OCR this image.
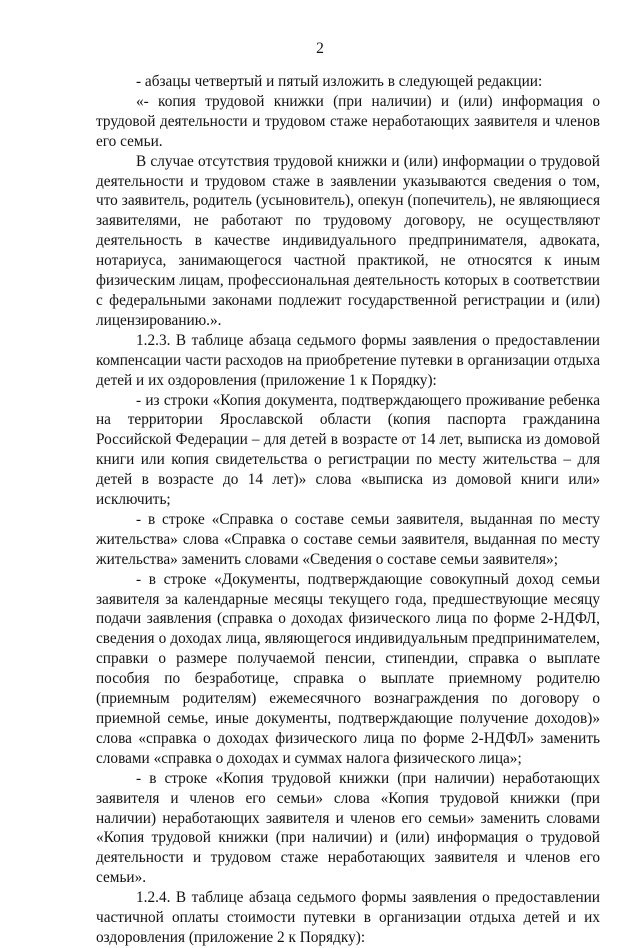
2

- абзацы четвертый и пятый изложить в следующей редакции:

«- копия трудовой книжки (при наличии) и (или) информация о трудовой деятельности и трудовом стаже неработающих заявителя и членов его семьи.

В случае отсутствия трудовой книжки и (или) информации о трудовой деятельности и трудовом стаже в заявлении указываются сведения о том, что заявитель, родитель (усыновитель), опекун (попечитель), не являющиеся заявителями, не работают по трудовому договору, не осуществляют деятельность в качестве индивидуального предпринимателя, адвоката, нотариуса, занимающегося частной практикой, не относятся к иным физическим лицам, профессиональная деятельность которых в соответствии с федеральными законами подлежит государственной регистрации и (или) лицензированию.».

1.2.3. В таблице абзаца седьмого формы заявления о предоставлении компенсации части расходов на приобретение путевки в организации отдыха детей и их оздоровления (приложение 1 к Порядку):

- из строки «Копия документа, подтверждающего проживание ребенка на территории Ярославской области (копия паспорта гражданина Российской Федерации – для детей в возрасте от 14 лет, выписка из домовой книги или копия свидетельства о регистрации по месту жительства – для детей в возрасте до 14 лет)» слова «выписка из домовой книги или» исключить;

- в строке «Справка о составе семьи заявителя, выданная по месту жительства» слова «Справка о составе семьи заявителя, выданная по месту жительства» заменить словами «Сведения о составе семьи заявителя»;

- в строке «Документы, подтверждающие совокупный доход семьи заявителя за календарные месяцы текущего года, предшествующие месяцу подачи заявления (справка о доходах физического лица по форме 2-НДФЛ, сведения о доходах лица, являющегося индивидуальным предпринимателем, справки о размере получаемой пенсии, стипендии, справка о выплате пособия по безработице, справка о выплате приемному родителю (приемным родителям) ежемесячного вознаграждения по договору о приемной семье, иные документы, подтверждающие получение доходов)» слова «справка о доходах физического лица по форме 2-НДФЛ» заменить словами «справка о доходах и суммах налога физического лица»;

- в строке «Копия трудовой книжки (при наличии) неработающих заявителя и членов его семьи» слова «Копия трудовой книжки (при наличии) неработающих заявителя и членов его семьи» заменить словами «Копия трудовой книжки (при наличии) и (или) информация о трудовой деятельности и трудовом стаже неработающих заявителя и членов его семьи».

1.2.4. В таблице абзаца седьмого формы заявления о предоставлении частичной оплаты стоимости путевки в организации отдыха детей и их оздоровления (приложение 2 к Порядку):
